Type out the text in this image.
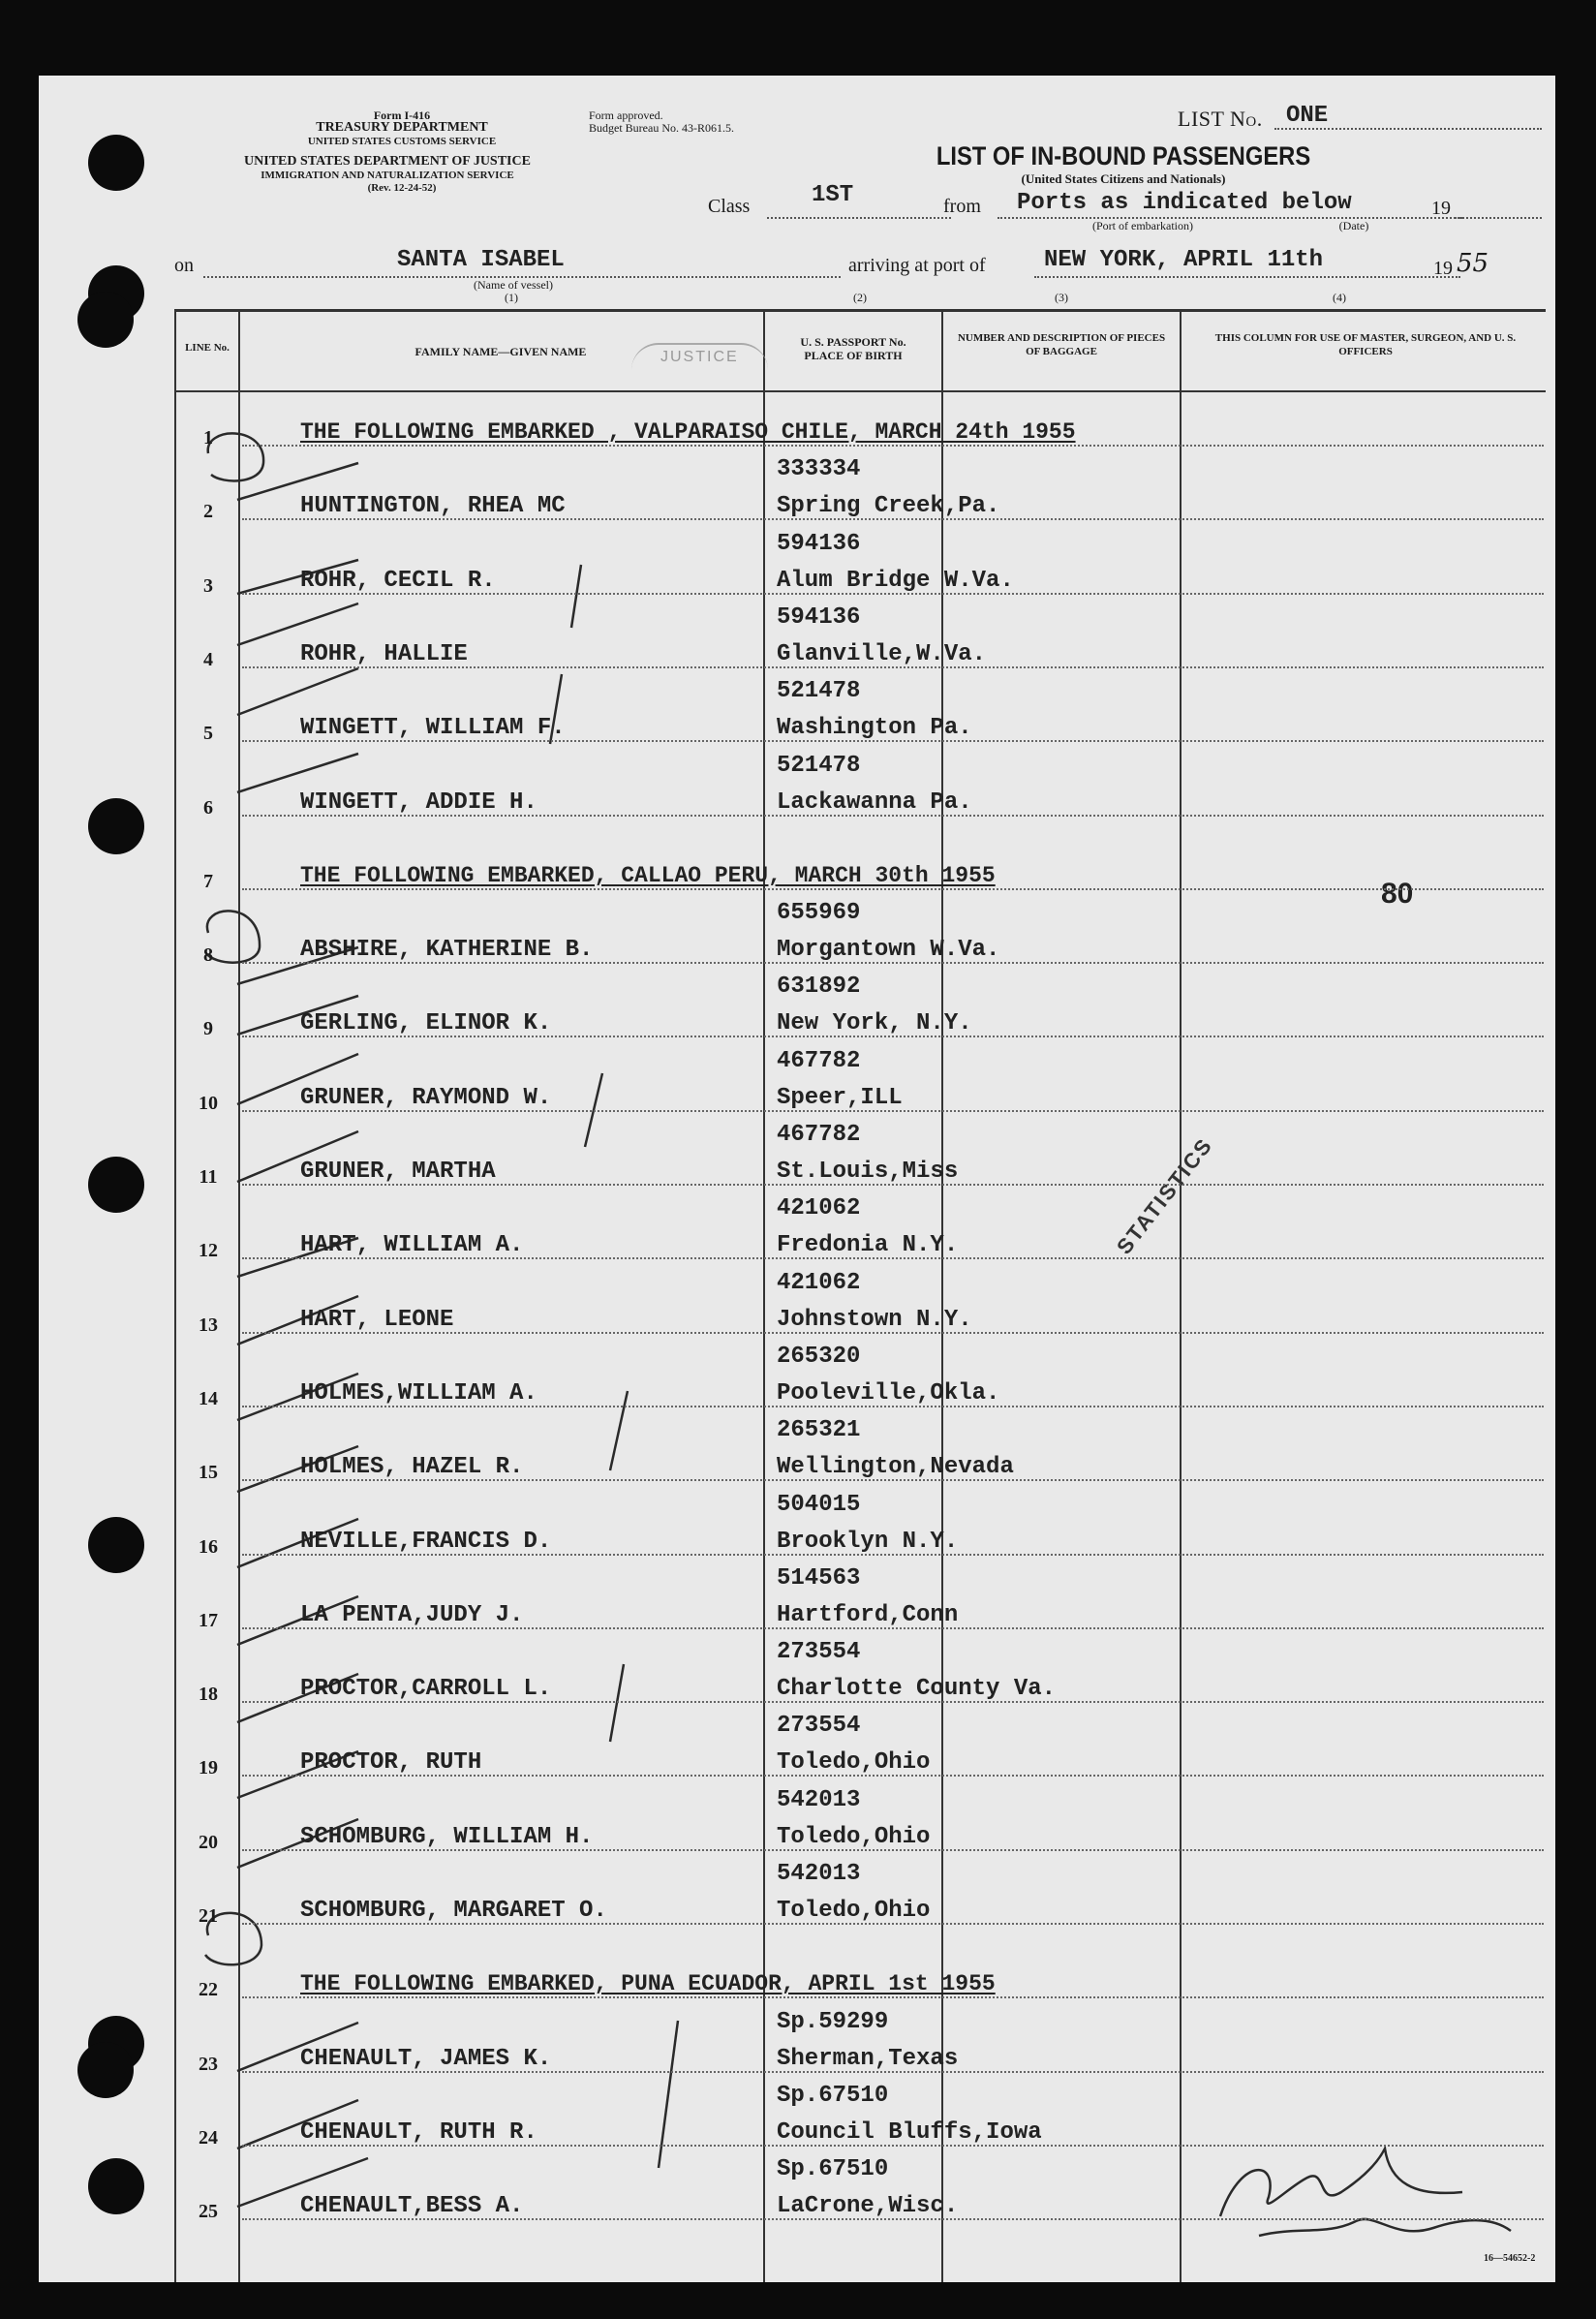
Form I-416
TREASURY DEPARTMENT
UNITED STATES CUSTOMS SERVICE
UNITED STATES DEPARTMENT OF JUSTICE
IMMIGRATION AND NATURALIZATION SERVICE
(Rev. 12-24-52)
Form approved.
Budget Bureau No. 43-R061.5.	LIST No. ONE
LIST OF IN-BOUND PASSENGERS
(United States Citizens and Nationals)
Class	1ST	from Ports as indicated below	19
(Port of embarkation)	(Date)
on	SANTA ISABEL
(Name of vessel)
(1)
arriving at port of	NEW YORK, APRIL 11th	19 55
(2)	(3)	(4)
LINE No.	FAMILY NAME—GIVEN NAME
U. S. PASSPORT No. PLACE OF BIRTH
NUMBER AND DESCRIPTION OF PIECES OF BAGGAGE
THIS COLUMN FOR USE OF MASTER, SURGEON, AND U. S. OFFICERS
STATISTICS
JUSTICE
80
16—54652-2
1	THE FOLLOWING EMBARKED , VALPARAISO CHILE, MARCH 24th 1955
2	HUNTINGTON, RHEA MC
333334
Spring Creek,Pa.
3	ROHR, CECIL R.
594136
Alum Bridge W.Va.
4	ROHR, HALLIE
594136
Glanville,W.Va.
5	WINGETT, WILLIAM F.
521478
Washington Pa.
6	WINGETT, ADDIE H.
521478
Lackawanna Pa.
7	THE FOLLOWING EMBARKED, CALLAO PERU, MARCH 30th 1955
8	ABSHIRE, KATHERINE B.
655969
Morgantown W.Va.
9	GERLING, ELINOR K.
631892
New York, N.Y.
10	GRUNER, RAYMOND W.
467782
Speer,ILL
11	GRUNER, MARTHA
467782
St.Louis,Miss
12	HART, WILLIAM A.
421062
Fredonia N.Y.
13	HART, LEONE
421062
Johnstown N.Y.
14	HOLMES,WILLIAM A.
265320
Pooleville,Okla.
15	HOLMES, HAZEL R.
265321
Wellington,Nevada
16	NEVILLE,FRANCIS D.
504015
Brooklyn N.Y.
17	LA PENTA,JUDY J.
514563
Hartford,Conn
18	PROCTOR,CARROLL L.
273554
Charlotte County Va.
19	PROCTOR, RUTH
273554
Toledo,Ohio
20	SCHOMBURG, WILLIAM H.
542013
Toledo,Ohio
21	SCHOMBURG, MARGARET O.
542013
Toledo,Ohio
22	THE FOLLOWING EMBARKED, PUNA ECUADOR, APRIL 1st 1955
23	CHENAULT, JAMES K.
Sp.59299
Sherman,Texas
24	CHENAULT, RUTH R.
Sp.67510
Council Bluffs,Iowa
25	CHENAULT,BESS A.
Sp.67510
LaCrone,Wisc.
